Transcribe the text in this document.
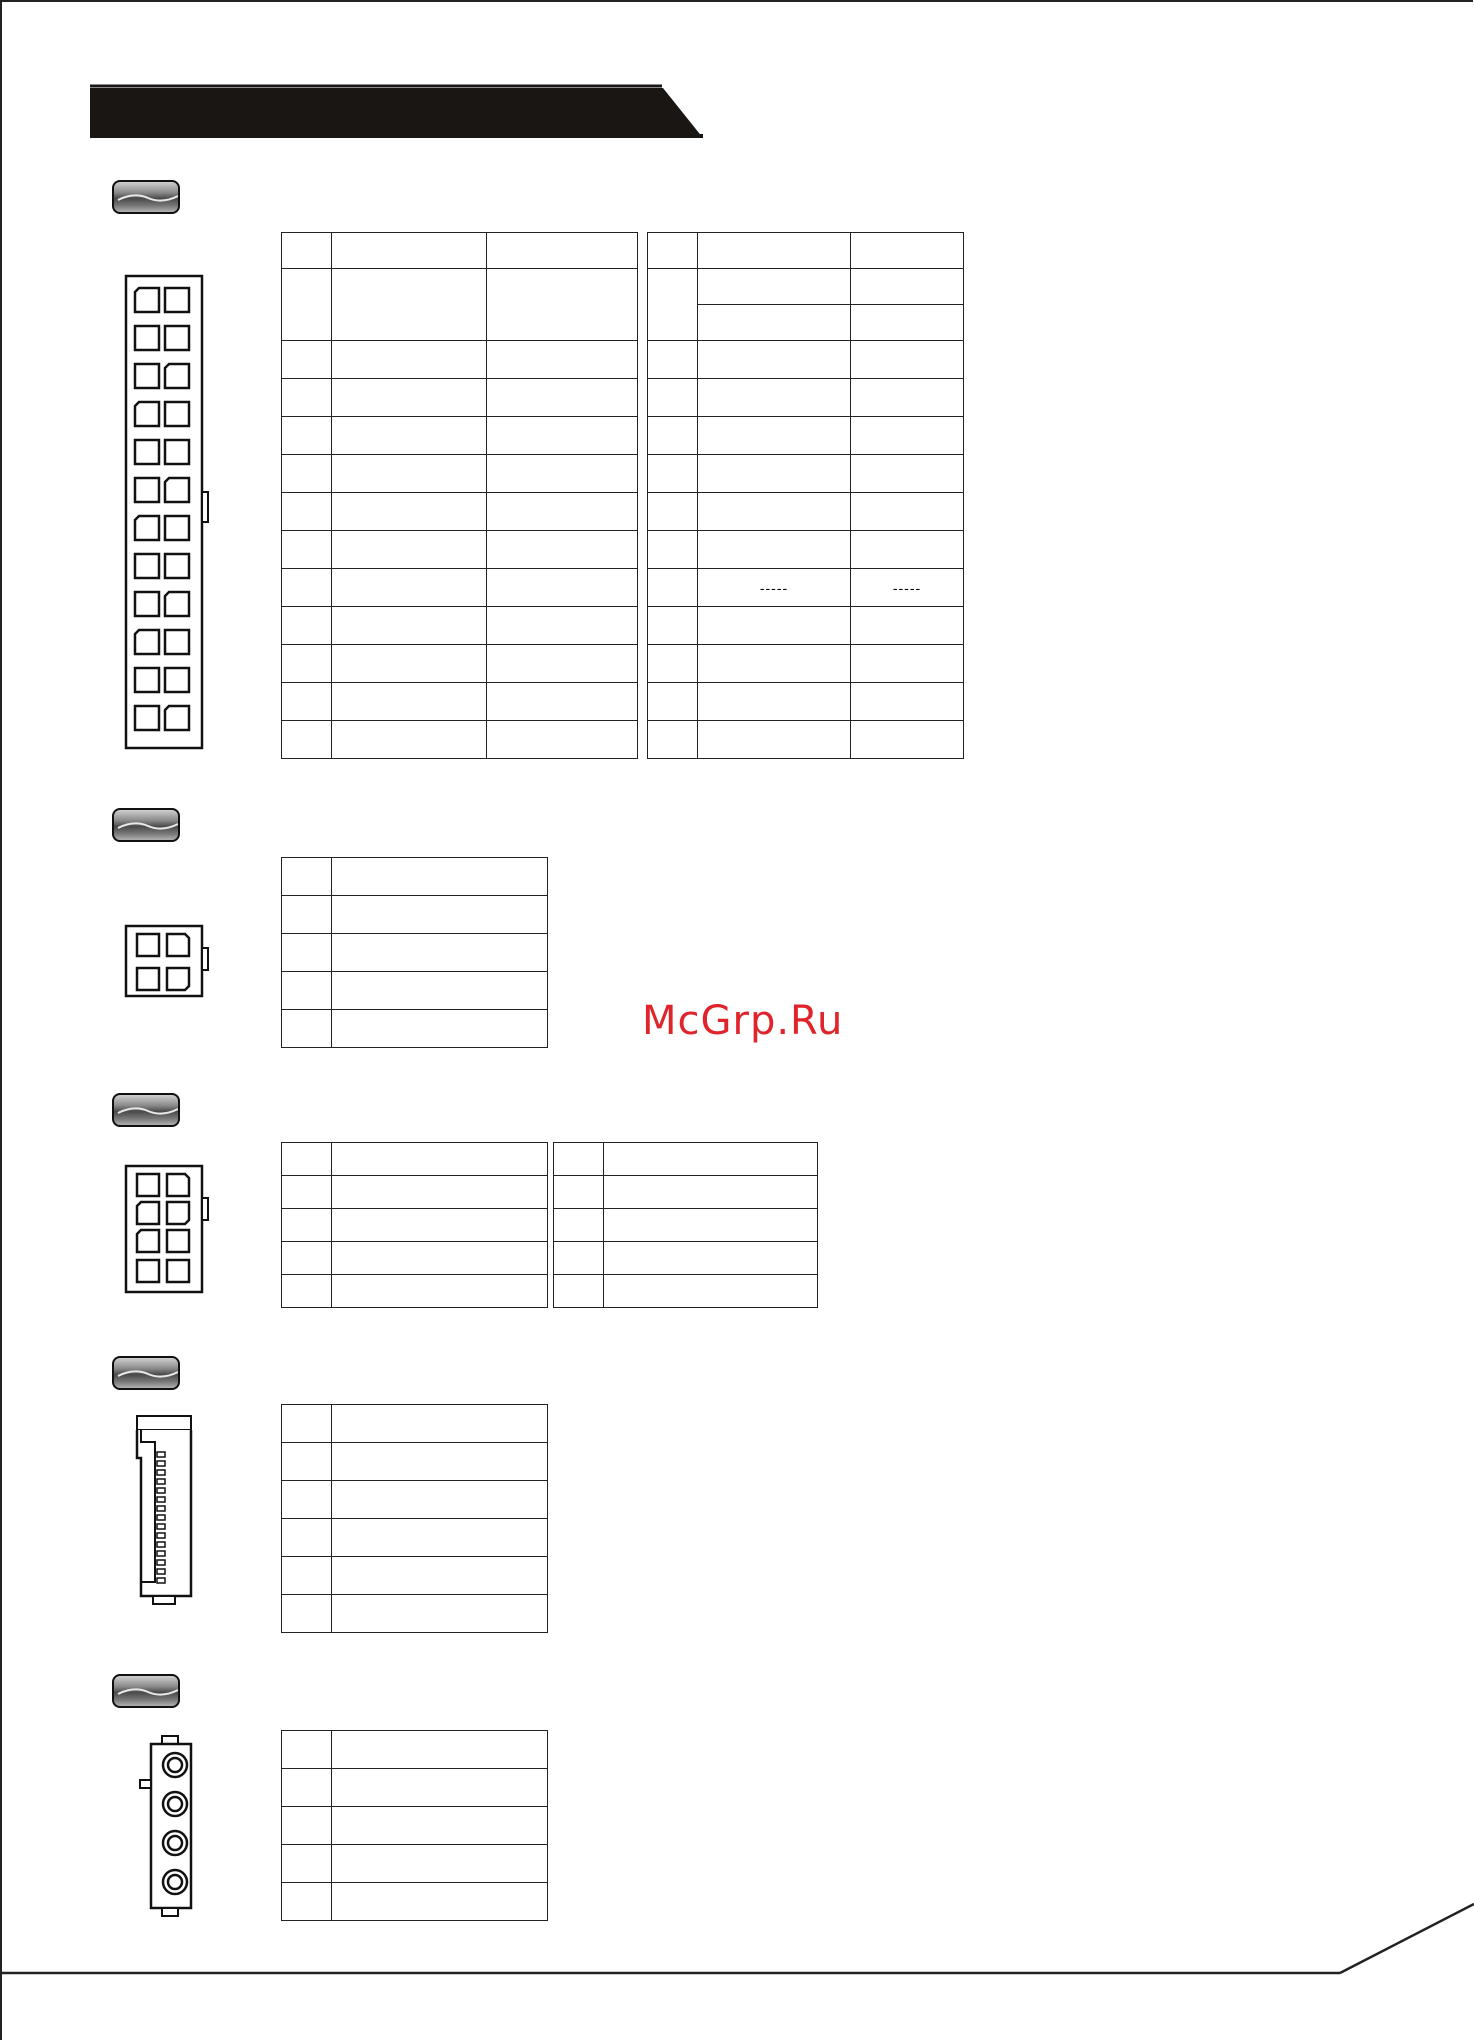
	-----	-----

McGrp.Ru
